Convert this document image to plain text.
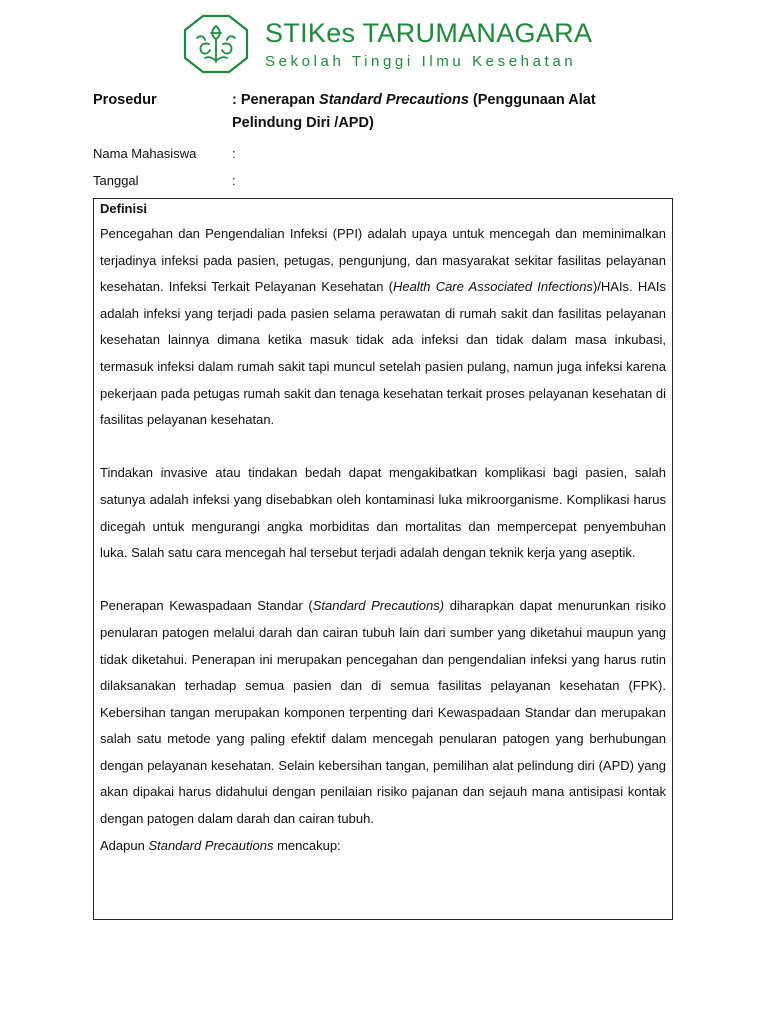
STIKes TARUMANAGARA
Sekolah Tinggi Ilmu Kesehatan
Prosedur	: Penerapan Standard Precautions (Penggunaan Alat Pelindung Diri /APD)
Nama Mahasiswa	:
Tanggal	:

Definisi

Pencegahan dan Pengendalian Infeksi (PPI) adalah upaya untuk mencegah dan meminimalkan terjadinya infeksi pada pasien, petugas, pengunjung, dan masyarakat sekitar fasilitas pelayanan kesehatan. Infeksi Terkait Pelayanan Kesehatan (Health Care Associated Infections)/HAIs. HAIs adalah infeksi yang terjadi pada pasien selama perawatan di rumah sakit dan fasilitas pelayanan kesehatan lainnya dimana ketika masuk tidak ada infeksi dan tidak dalam masa inkubasi, termasuk infeksi dalam rumah sakit tapi muncul setelah pasien pulang, namun juga infeksi karena pekerjaan pada petugas rumah sakit dan tenaga kesehatan terkait proses pelayanan kesehatan di fasilitas pelayanan kesehatan.

Tindakan invasive atau tindakan bedah dapat mengakibatkan komplikasi bagi pasien, salah satunya adalah infeksi yang disebabkan oleh kontaminasi luka mikroorganisme. Komplikasi harus dicegah untuk mengurangi angka morbiditas dan mortalitas dan mempercepat penyembuhan luka. Salah satu cara mencegah hal tersebut terjadi adalah dengan teknik kerja yang aseptik.

Penerapan Kewaspadaan Standar (Standard Precautions) diharapkan dapat menurunkan risiko penularan patogen melalui darah dan cairan tubuh lain dari sumber yang diketahui maupun yang tidak diketahui. Penerapan ini merupakan pencegahan dan pengendalian infeksi yang harus rutin dilaksanakan terhadap semua pasien dan di semua fasilitas pelayanan kesehatan (FPK). Kebersihan tangan merupakan komponen terpenting dari Kewaspadaan Standar dan merupakan salah satu metode yang paling efektif dalam mencegah penularan patogen yang berhubungan dengan pelayanan kesehatan. Selain kebersihan tangan, pemilihan alat pelindung diri (APD) yang akan dipakai harus didahului dengan penilaian risiko pajanan dan sejauh mana antisipasi kontak dengan patogen dalam darah dan cairan tubuh.

Adapun Standard Precautions mencakup:
